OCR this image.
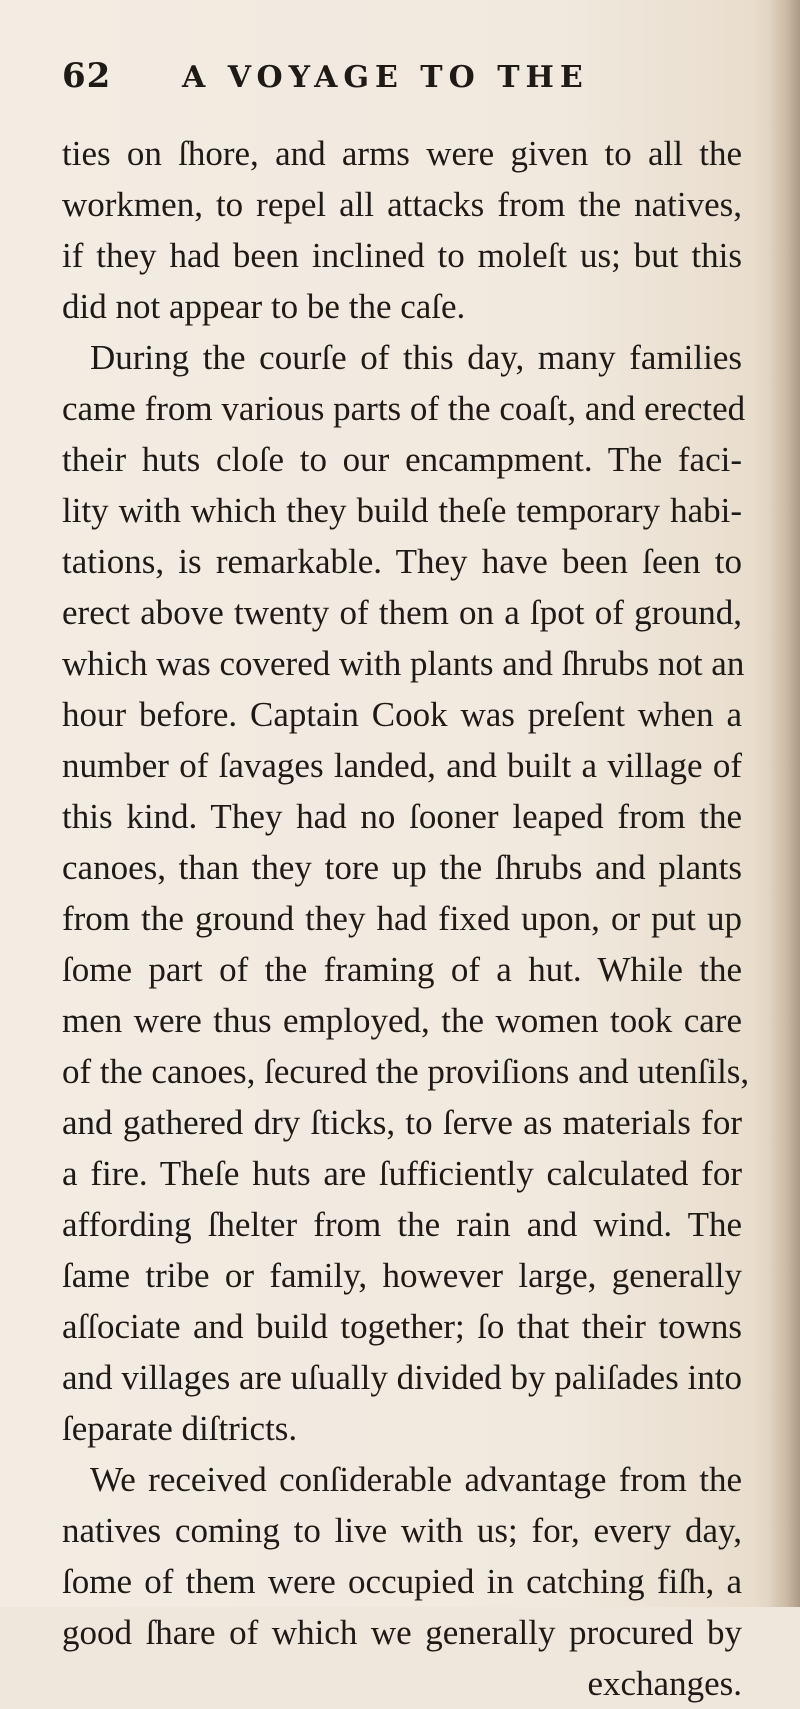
62 A VOYAGE TO THE
ties on ſhore, and arms were given to all the
workmen, to repel all attacks from the natives,
if they had been inclined to moleſt us; but this
did not appear to be the caſe.
During the courſe of this day, many families
came from various parts of the coaſt, and erected
their huts cloſe to our encampment. The faci-
lity with which they build theſe temporary habi-
tations, is remarkable. They have been ſeen to
erect above twenty of them on a ſpot of ground,
which was covered with plants and ſhrubs not an
hour before. Captain Cook was preſent when a
number of ſavages landed, and built a village of
this kind. They had no ſooner leaped from the
canoes, than they tore up the ſhrubs and plants
from the ground they had fixed upon, or put up
ſome part of the framing of a hut. While the
men were thus employed, the women took care
of the canoes, ſecured the proviſions and utenſils,
and gathered dry ſticks, to ſerve as materials for
a fire. Theſe huts are ſufficiently calculated for
affording ſhelter from the rain and wind. The
ſame tribe or family, however large, generally
aſſociate and build together; ſo that their towns
and villages are uſually divided by paliſades into
ſeparate diſtricts.
We received conſiderable advantage from the
natives coming to live with us; for, every day,
ſome of them were occupied in catching fiſh, a
good ſhare of which we generally procured by
exchanges.
